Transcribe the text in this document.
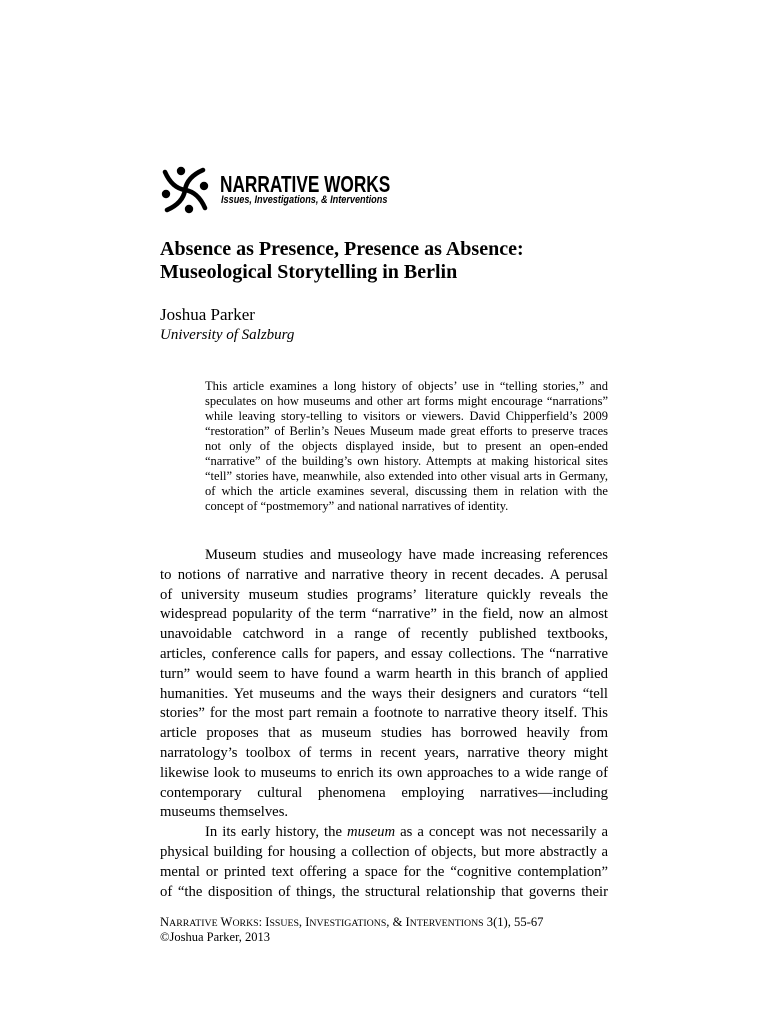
NARRATIVE WORKS
Issues, Investigations, & Interventions
Absence as Presence, Presence as Absence:
Museological Storytelling in Berlin
Joshua Parker
University of Salzburg
This article examines a long history of objects’ use in “telling stories,” and
speculates on how museums and other art forms might encourage “narrations”
while leaving story-telling to visitors or viewers. David Chipperfield’s 2009
“restoration” of Berlin’s Neues Museum made great efforts to preserve traces
not only of the objects displayed inside, but to present an open-ended
“narrative” of the building’s own history. Attempts at making historical sites
“tell” stories have, meanwhile, also extended into other visual arts in Germany,
of which the article examines several, discussing them in relation with the
concept of “postmemory” and national narratives of identity.
Museum studies and museology have made increasing references
to notions of narrative and narrative theory in recent decades. A perusal
of university museum studies programs’ literature quickly reveals the
widespread popularity of the term “narrative” in the field, now an almost
unavoidable catchword in a range of recently published textbooks,
articles, conference calls for papers, and essay collections. The “narrative
turn” would seem to have found a warm hearth in this branch of applied
humanities. Yet museums and the ways their designers and curators “tell
stories” for the most part remain a footnote to narrative theory itself. This
article proposes that as museum studies has borrowed heavily from
narratology’s toolbox of terms in recent years, narrative theory might
likewise look to museums to enrich its own approaches to a wide range of
contemporary cultural phenomena employing narratives—including
museums themselves.
In its early history, the museum as a concept was not necessarily a
physical building for housing a collection of objects, but more abstractly a
mental or printed text offering a space for the “cognitive contemplation”
of “the disposition of things, the structural relationship that governs their
NARRATIVE WORKS: ISSUES, INVESTIGATIONS, & INTERVENTIONS 3(1), 55-67
©Joshua Parker, 2013
